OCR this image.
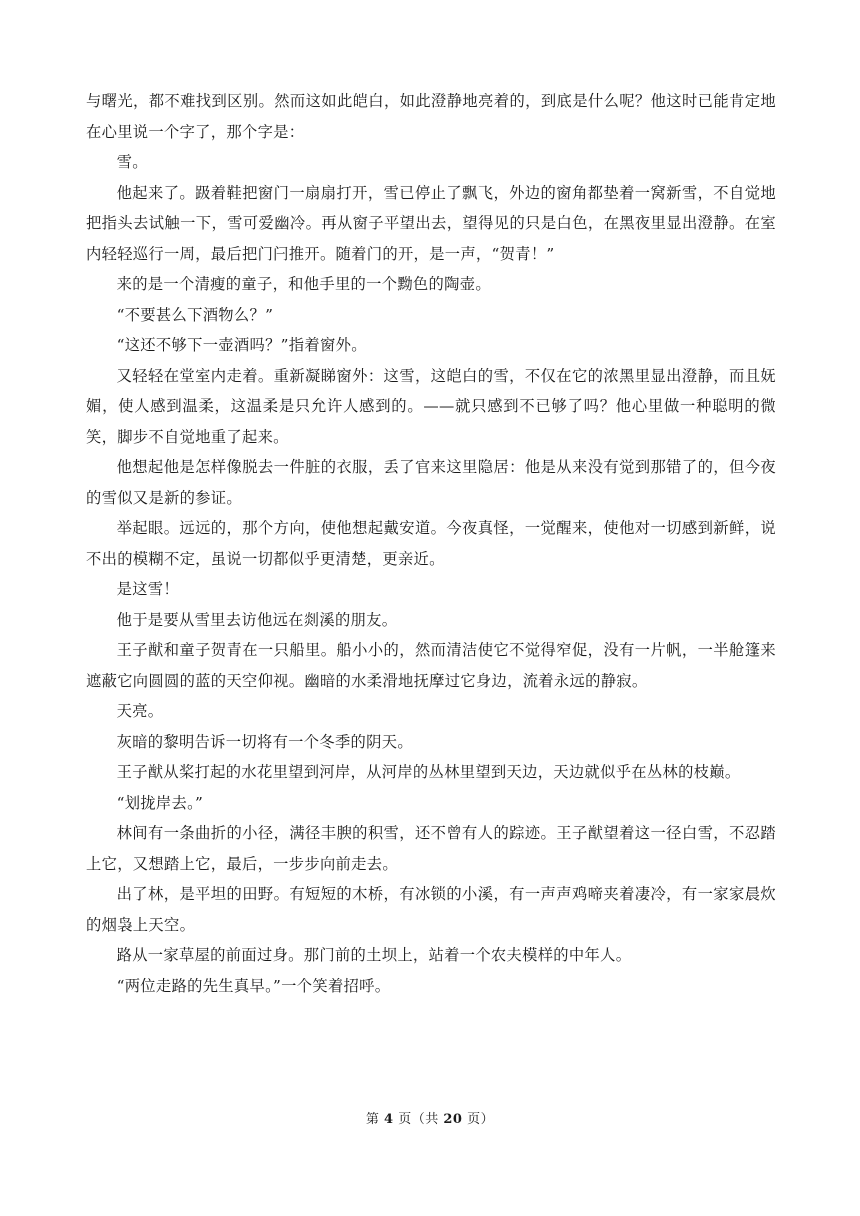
与曙光，都不难找到区别。然而这如此皑白，如此澄静地亮着的，到底是什么呢？他这时已能肯定地在心里说一个字了，那个字是：

雪。

他起来了。趿着鞋把窗门一扇扇打开，雪已停止了飘飞，外边的窗角都垫着一窝新雪，不自觉地把指头去试触一下，雪可爱幽冷。再从窗子平望出去，望得见的只是白色，在黑夜里显出澄静。在室内轻轻巡行一周，最后把门闩推开。随着门的开，是一声，“贺青！”

来的是一个清瘦的童子，和他手里的一个黝色的陶壶。

“不要甚么下酒物么？”

“这还不够下一壶酒吗？”指着窗外。

又轻轻在堂室内走着。重新凝睇窗外：这雪，这皑白的雪，不仅在它的浓黑里显出澄静，而且妩媚，使人感到温柔，这温柔是只允许人感到的。——就只感到不已够了吗？他心里做一种聪明的微笑，脚步不自觉地重了起来。

他想起他是怎样像脱去一件脏的衣服，丢了官来这里隐居：他是从来没有觉到那错了的，但今夜的雪似又是新的参证。

举起眼。远远的，那个方向，使他想起戴安道。今夜真怪，一觉醒来，使他对一切感到新鲜，说不出的模糊不定，虽说一切都似乎更清楚，更亲近。

是这雪！

他于是要从雪里去访他远在剡溪的朋友。

王子猷和童子贺青在一只船里。船小小的，然而清洁使它不觉得窄促，没有一片帆，一半舱篷来遮蔽它向圆圆的蓝的天空仰视。幽暗的水柔滑地抚摩过它身边，流着永远的静寂。

天亮。

灰暗的黎明告诉一切将有一个冬季的阴天。

王子猷从桨打起的水花里望到河岸，从河岸的丛林里望到天边，天边就似乎在丛林的枝巅。

“划拢岸去。”

林间有一条曲折的小径，满径丰腴的积雪，还不曾有人的踪迹。王子猷望着这一径白雪，不忍踏上它，又想踏上它，最后，一步步向前走去。

出了林，是平坦的田野。有短短的木桥，有冰锁的小溪，有一声声鸡啼夹着凄冷，有一家家晨炊的烟袅上天空。

路从一家草屋的前面过身。那门前的土坝上，站着一个农夫模样的中年人。

“两位走路的先生真早。”一个笑着招呼。

第 4 页（共 20 页）
